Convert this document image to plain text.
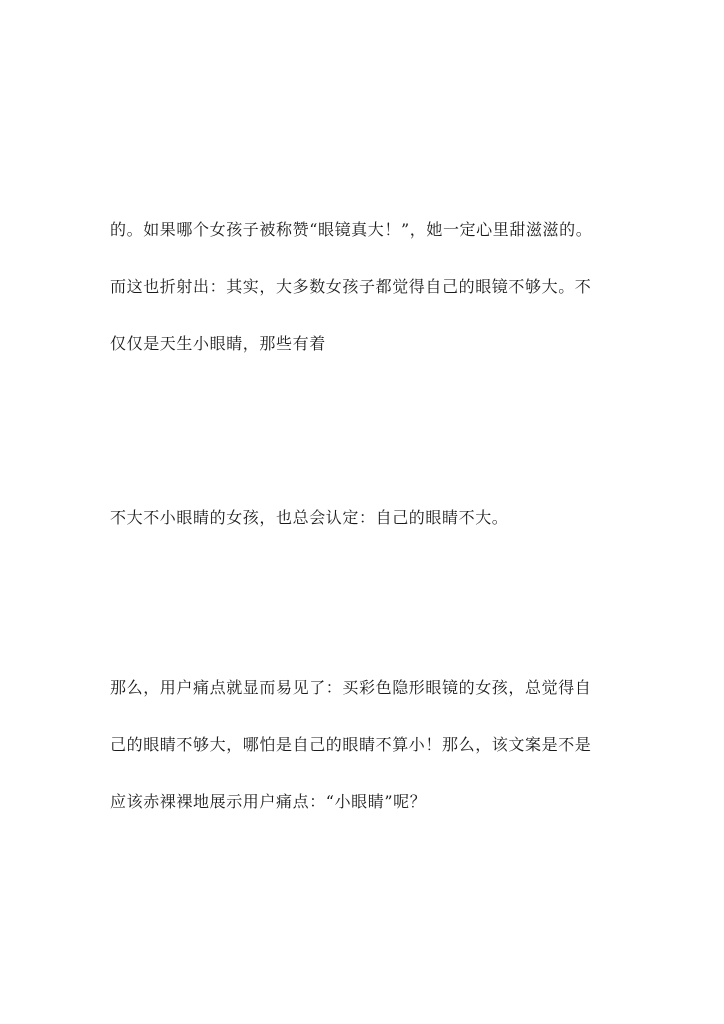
的。如果哪个女孩子被称赞“眼镜真大！”，她一定心里甜滋滋的。
而这也折射出：其实，大多数女孩子都觉得自己的眼镜不够大。不
仅仅是天生小眼睛，那些有着
不大不小眼睛的女孩，也总会认定：自己的眼睛不大。
那么，用户痛点就显而易见了：买彩色隐形眼镜的女孩，总觉得自
己的眼睛不够大，哪怕是自己的眼睛不算小！那么，该文案是不是
应该赤裸裸地展示用户痛点：“小眼睛”呢？
